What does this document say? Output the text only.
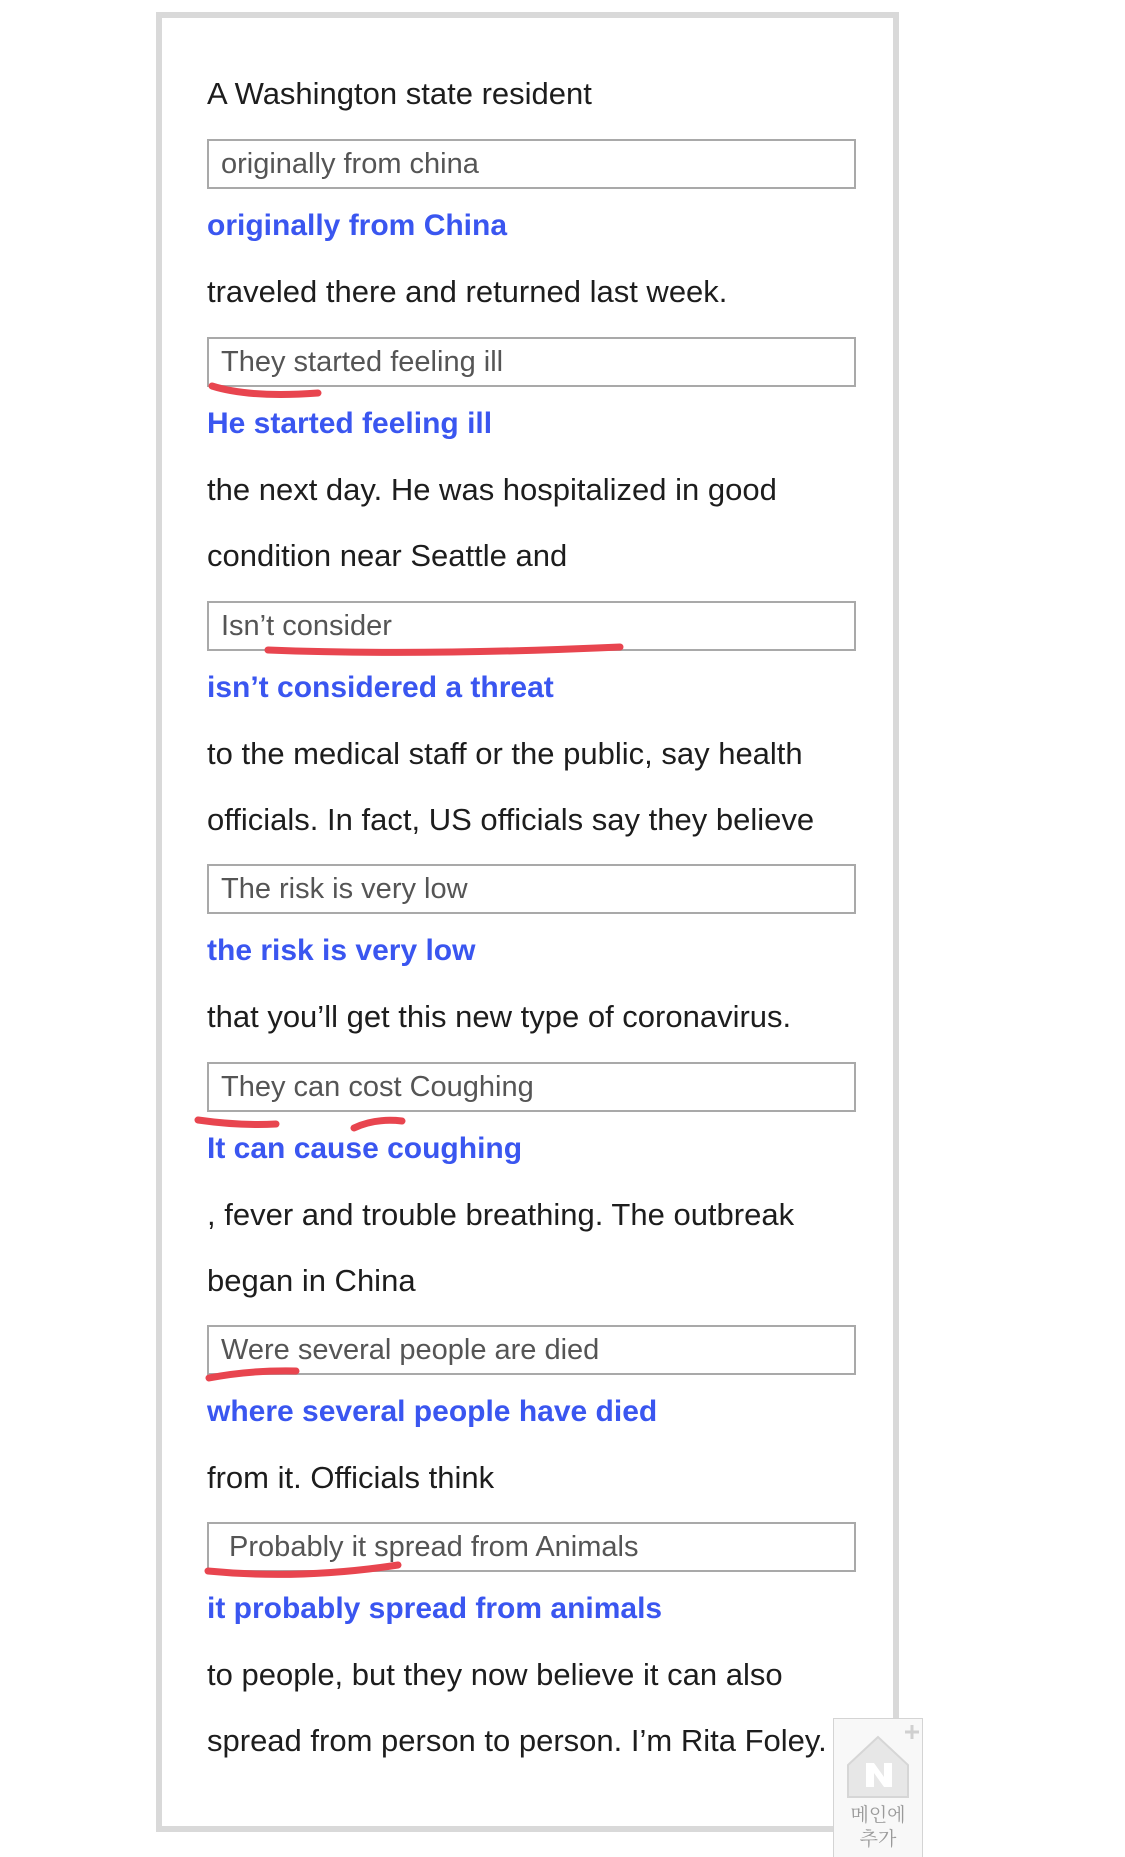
A Washington state resident

originally from china

originally from China

traveled there and returned last week.

They started feeling ill

He started feeling ill

the next day. He was hospitalized in good

condition near Seattle and

Isn’t consider

isn’t considered a threat

to the medical staff or the public, say health

officials. In fact, US officials say they believe

The risk is very low

the risk is very low

that you’ll get this new type of coronavirus.

They can cost Coughing

It can cause coughing

, fever and trouble breathing. The outbreak

began in China

Were several people are died

where several people have died

from it. Officials think

Probably it spread from Animals

it probably spread from animals

to people, but they now believe it can also

spread from person to person. I’m Rita Foley.

메인에
추가
